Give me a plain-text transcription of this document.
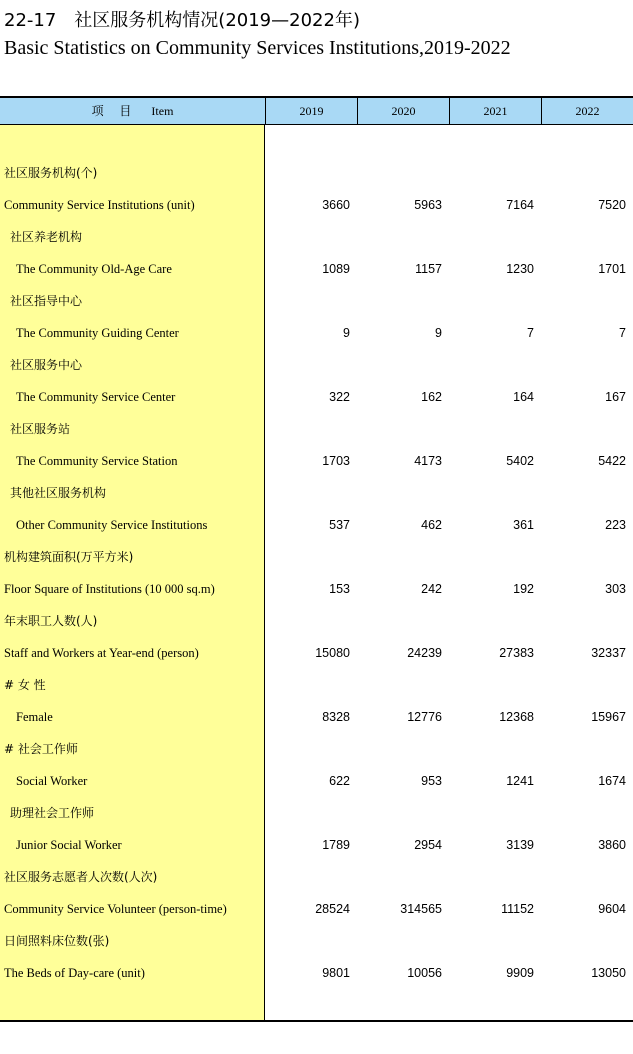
22-17　社区服务机构情况(2019—2022年)
Basic Statistics on Community Services Institutions,2019-2022
项 目 Item	2019	2020	2021	2022
社区服务机构(个)
Community Service Institutions (unit)	3660	5963	7164	7520
社区养老机构
The Community Old-Age Care	1089	1157	1230	1701
社区指导中心
The Community Guiding Center	9	9	7	7
社区服务中心
The Community Service Center	322	162	164	167
社区服务站
The Community Service Station	1703	4173	5402	5422
其他社区服务机构
Other Community Service Institutions	537	462	361	223
机构建筑面积(万平方米)
Floor Square of Institutions (10 000 sq.m)	153	242	192	303
年末职工人数(人)
Staff and Workers at Year-end (person)	15080	24239	27383	32337
# 女 性
Female	8328	12776	12368	15967
# 社会工作师
Social Worker	622	953	1241	1674
助理社会工作师
Junior Social Worker	1789	2954	3139	3860
社区服务志愿者人次数(人次)
Community Service Volunteer (person-time)	28524	314565	11152	9604
日间照料床位数(张)
The Beds of Day-care (unit)	9801	10056	9909	13050
